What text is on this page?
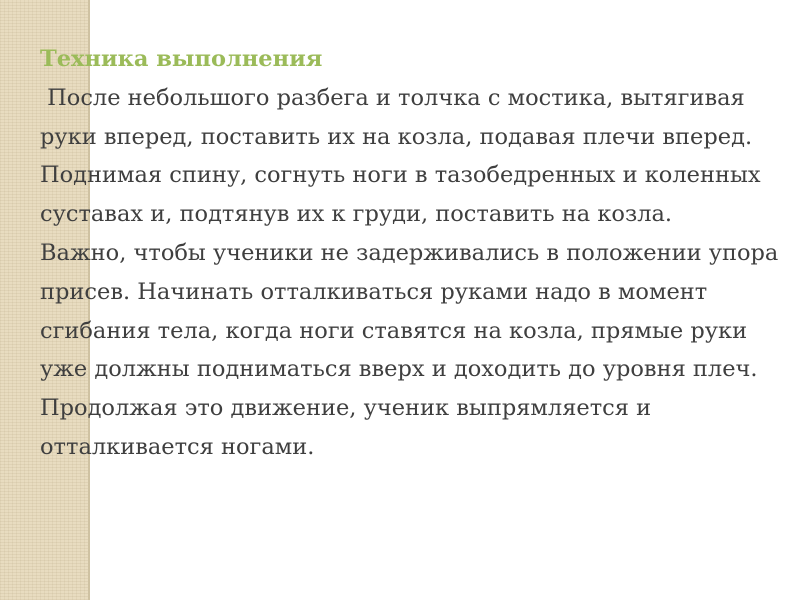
Техника выполнения

После небольшого разбега и толчка с мостика, вытягивая руки вперед, поставить их на козла, подавая плечи вперед. Поднимая спину, согнуть ноги в тазобедренных и коленных суставах и, подтянув их к груди, поставить на козла.

Важно, чтобы ученики не задерживались в положении упора присев. Начинать отталкиваться руками надо в момент сгибания тела, когда ноги ставятся на козла, прямые руки уже должны подниматься вверх и доходить до уровня плеч. Продолжая это движение, ученик выпрямляется и отталкивается ногами.
